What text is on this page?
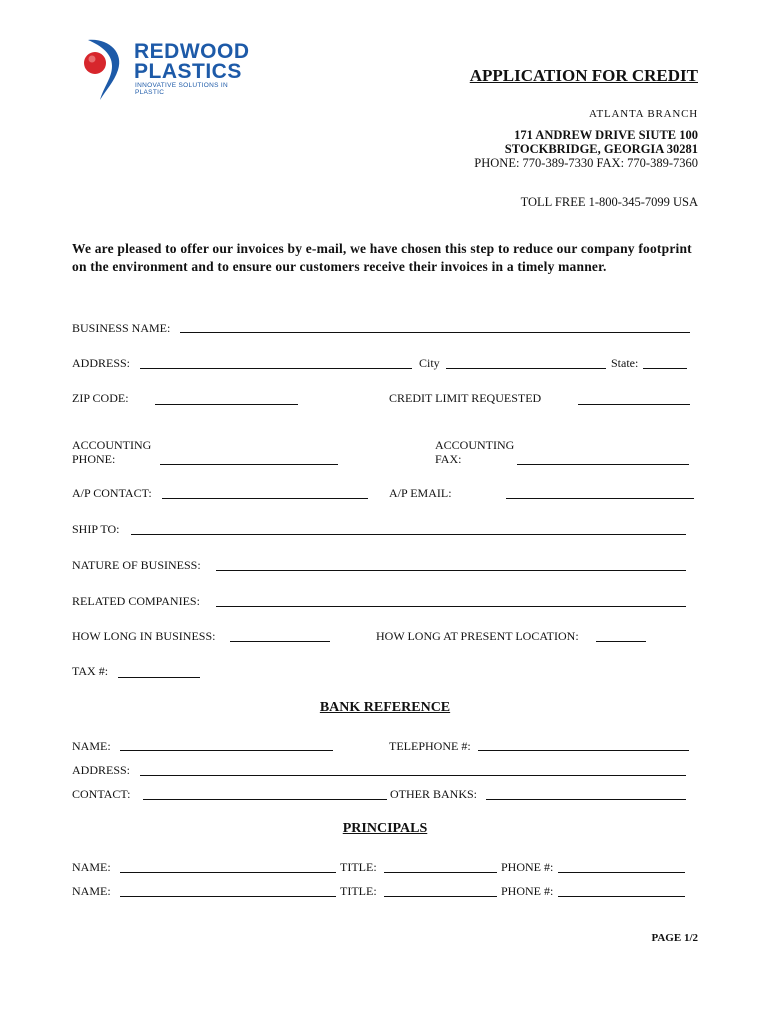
REDWOOD
PLASTICS
INNOVATIVE SOLUTIONS IN PLASTIC
APPLICATION FOR CREDIT
ATLANTA BRANCH
171 ANDREW DRIVE SIUTE 100
STOCKBRIDGE, GEORGIA 30281
PHONE: 770-389-7330 FAX: 770-389-7360
TOLL FREE 1-800-345-7099 USA
We are pleased to offer our invoices by e-mail, we have chosen this step to reduce our company footprint on the environment and to ensure our customers receive their invoices in a timely manner.
BUSINESS NAME:
ADDRESS:	City	State:
ZIP CODE:	CREDIT LIMIT REQUESTED
ACCOUNTING
PHONE:
ACCOUNTING
FAX:
A/P CONTACT:	A/P EMAIL:
SHIP TO:
NATURE OF BUSINESS:
RELATED COMPANIES:
HOW LONG IN BUSINESS:	HOW LONG AT PRESENT LOCATION:
TAX #:
BANK REFERENCE
NAME:	TELEPHONE #:
ADDRESS:
CONTACT:	OTHER BANKS:
PRINCIPALS
NAME:	TITLE:	PHONE #:
NAME:	TITLE:	PHONE #:
PAGE 1/2
